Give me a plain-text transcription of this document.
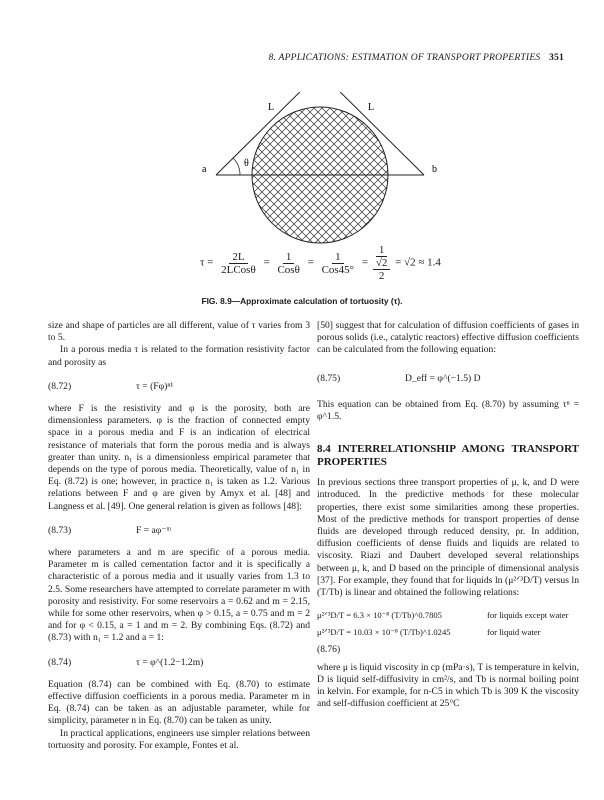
8. APPLICATIONS: ESTIMATION OF TRANSPORT PROPERTIES 351
L	L
a	b
θ
$\tau = \frac{2L}{\text{2LCosθ}} = \frac{1}{\text{Cosθ}} = \frac{1}{\text{Cos45°}}$ =
1
√2
2
= √2 ≈ 1.4
FIG. 8.9—Approximate calculation of tortuosity (τ).

size and shape of particles are all different, value of τ varies from 3 to 5.

In a porous media τ is related to the formation resistivity factor and porosity as

(8.72)	τ = (Fφ)ⁿ¹

where F is the resistivity and φ is the porosity, both are dimensionless parameters. φ is the fraction of connected empty space in a porous media and F is an indication of electrical resistance of materials that form the porous media and is always greater than unity. n₁ is a dimensionless empirical parameter that depends on the type of porous media. Theoretically, value of n₁ in Eq. (8.72) is one; however, in practice n₁ is taken as 1.2. Various relations between F and φ are given by Amyx et al. [48] and Langness et al. [49]. One general relation is given as follows [48]:

(8.73)	F = aφ⁻ᵐ

where parameters a and m are specific of a porous media. Parameter m is called cementation factor and it is specifically a characteristic of a porous media and it usually varies from 1.3 to 2.5. Some researchers have attempted to correlate parameter m with porosity and resistivity. For some reservoirs a = 0.62 and m = 2.15, while for some other reservoirs, when φ > 0.15, a = 0.75 and m = 2 and for φ < 0.15, a = 1 and m = 2. By combining Eqs. (8.72) and (8.73) with n₁ = 1.2 and a = 1:

(8.74)	τ = φ^(1.2−1.2m)

Equation (8.74) can be combined with Eq. (8.70) to estimate effective diffusion coefficients in a porous media. Parameter m in Eq. (8.74) can be taken as an adjustable parameter, while for simplicity, parameter n in Eq. (8.70) can be taken as unity.

In practical applications, engineers use simpler relations between tortuosity and porosity. For example, Fontes et al.

[50] suggest that for calculation of diffusion coefficients of gases in porous solids (i.e., catalytic reactors) effective diffusion coefficients can be calculated from the following equation:

(8.75)	D_eff = φ^(−1.5) D

This equation can be obtained from Eq. (8.70) by assuming τⁿ = φ^1.5.

8.4 INTERRELATIONSHIP AMONG TRANSPORT PROPERTIES

In previous sections three transport properties of μ, k, and D were introduced. In the predictive methods for these molecular properties, there exist some similarities among these properties. Most of the predictive methods for transport properties of dense fluids are developed through reduced density, ρr. In addition, diffusion coefficients of dense fluids and liquids are related to viscosity. Riazi and Daubert developed several relationships between μ, k, and D based on the principle of dimensional analysis [37]. For example, they found that for liquids ln (μ²ᐟ³D/T) versus ln (T/Tb) is linear and obtained the following relations:

μ²ᐟ³D/T = 6.3 × 10⁻⁸ (T/Tb)^0.7805	for liquids except water
μ²ᐟ³D/T = 10.03 × 10⁻⁸ (T/Tb)^1.0245	for liquid water
(8.76)

where μ is liquid viscosity in cp (mPa·s), T is temperature in kelvin, D is liquid self-diffusivity in cm²/s, and Tb is normal boiling point in kelvin. For example, for n-C5 in which Tb is 309 K the viscosity and self-diffusion coefficient at 25°C
